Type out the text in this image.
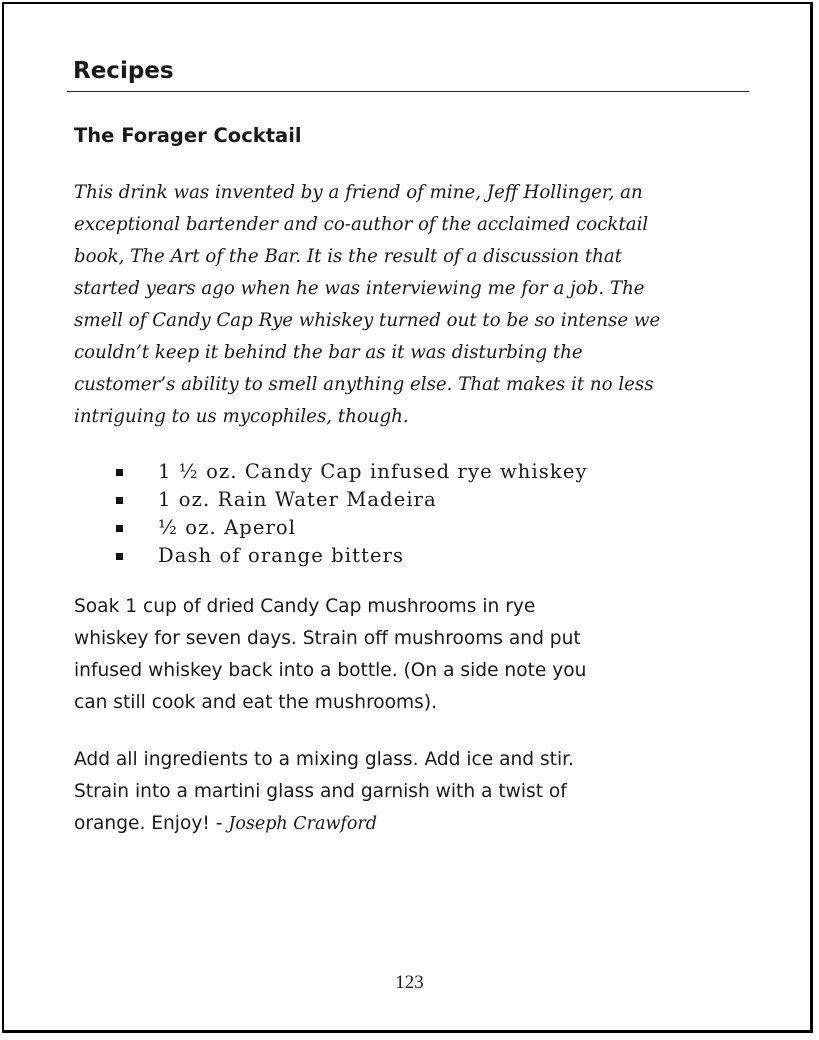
Recipes
The Forager Cocktail

This drink was invented by a friend of mine, Jeff Hollinger, an
exceptional bartender and co-author of the acclaimed cocktail
book, The Art of the Bar. It is the result of a discussion that
started years ago when he was interviewing me for a job. The
smell of Candy Cap Rye whiskey turned out to be so intense we
couldn’t keep it behind the bar as it was disturbing the
customer’s ability to smell anything else. That makes it no less
intriguing to us mycophiles, though.

1 ½ oz. Candy Cap infused rye whiskey
1 oz. Rain Water Madeira
½ oz. Aperol
Dash of orange bitters

Soak 1 cup of dried Candy Cap mushrooms in rye
whiskey for seven days. Strain off mushrooms and put
infused whiskey back into a bottle. (On a side note you
can still cook and eat the mushrooms).

Add all ingredients to a mixing glass. Add ice and stir.
Strain into a martini glass and garnish with a twist of
orange. Enjoy! - Joseph Crawford

123
